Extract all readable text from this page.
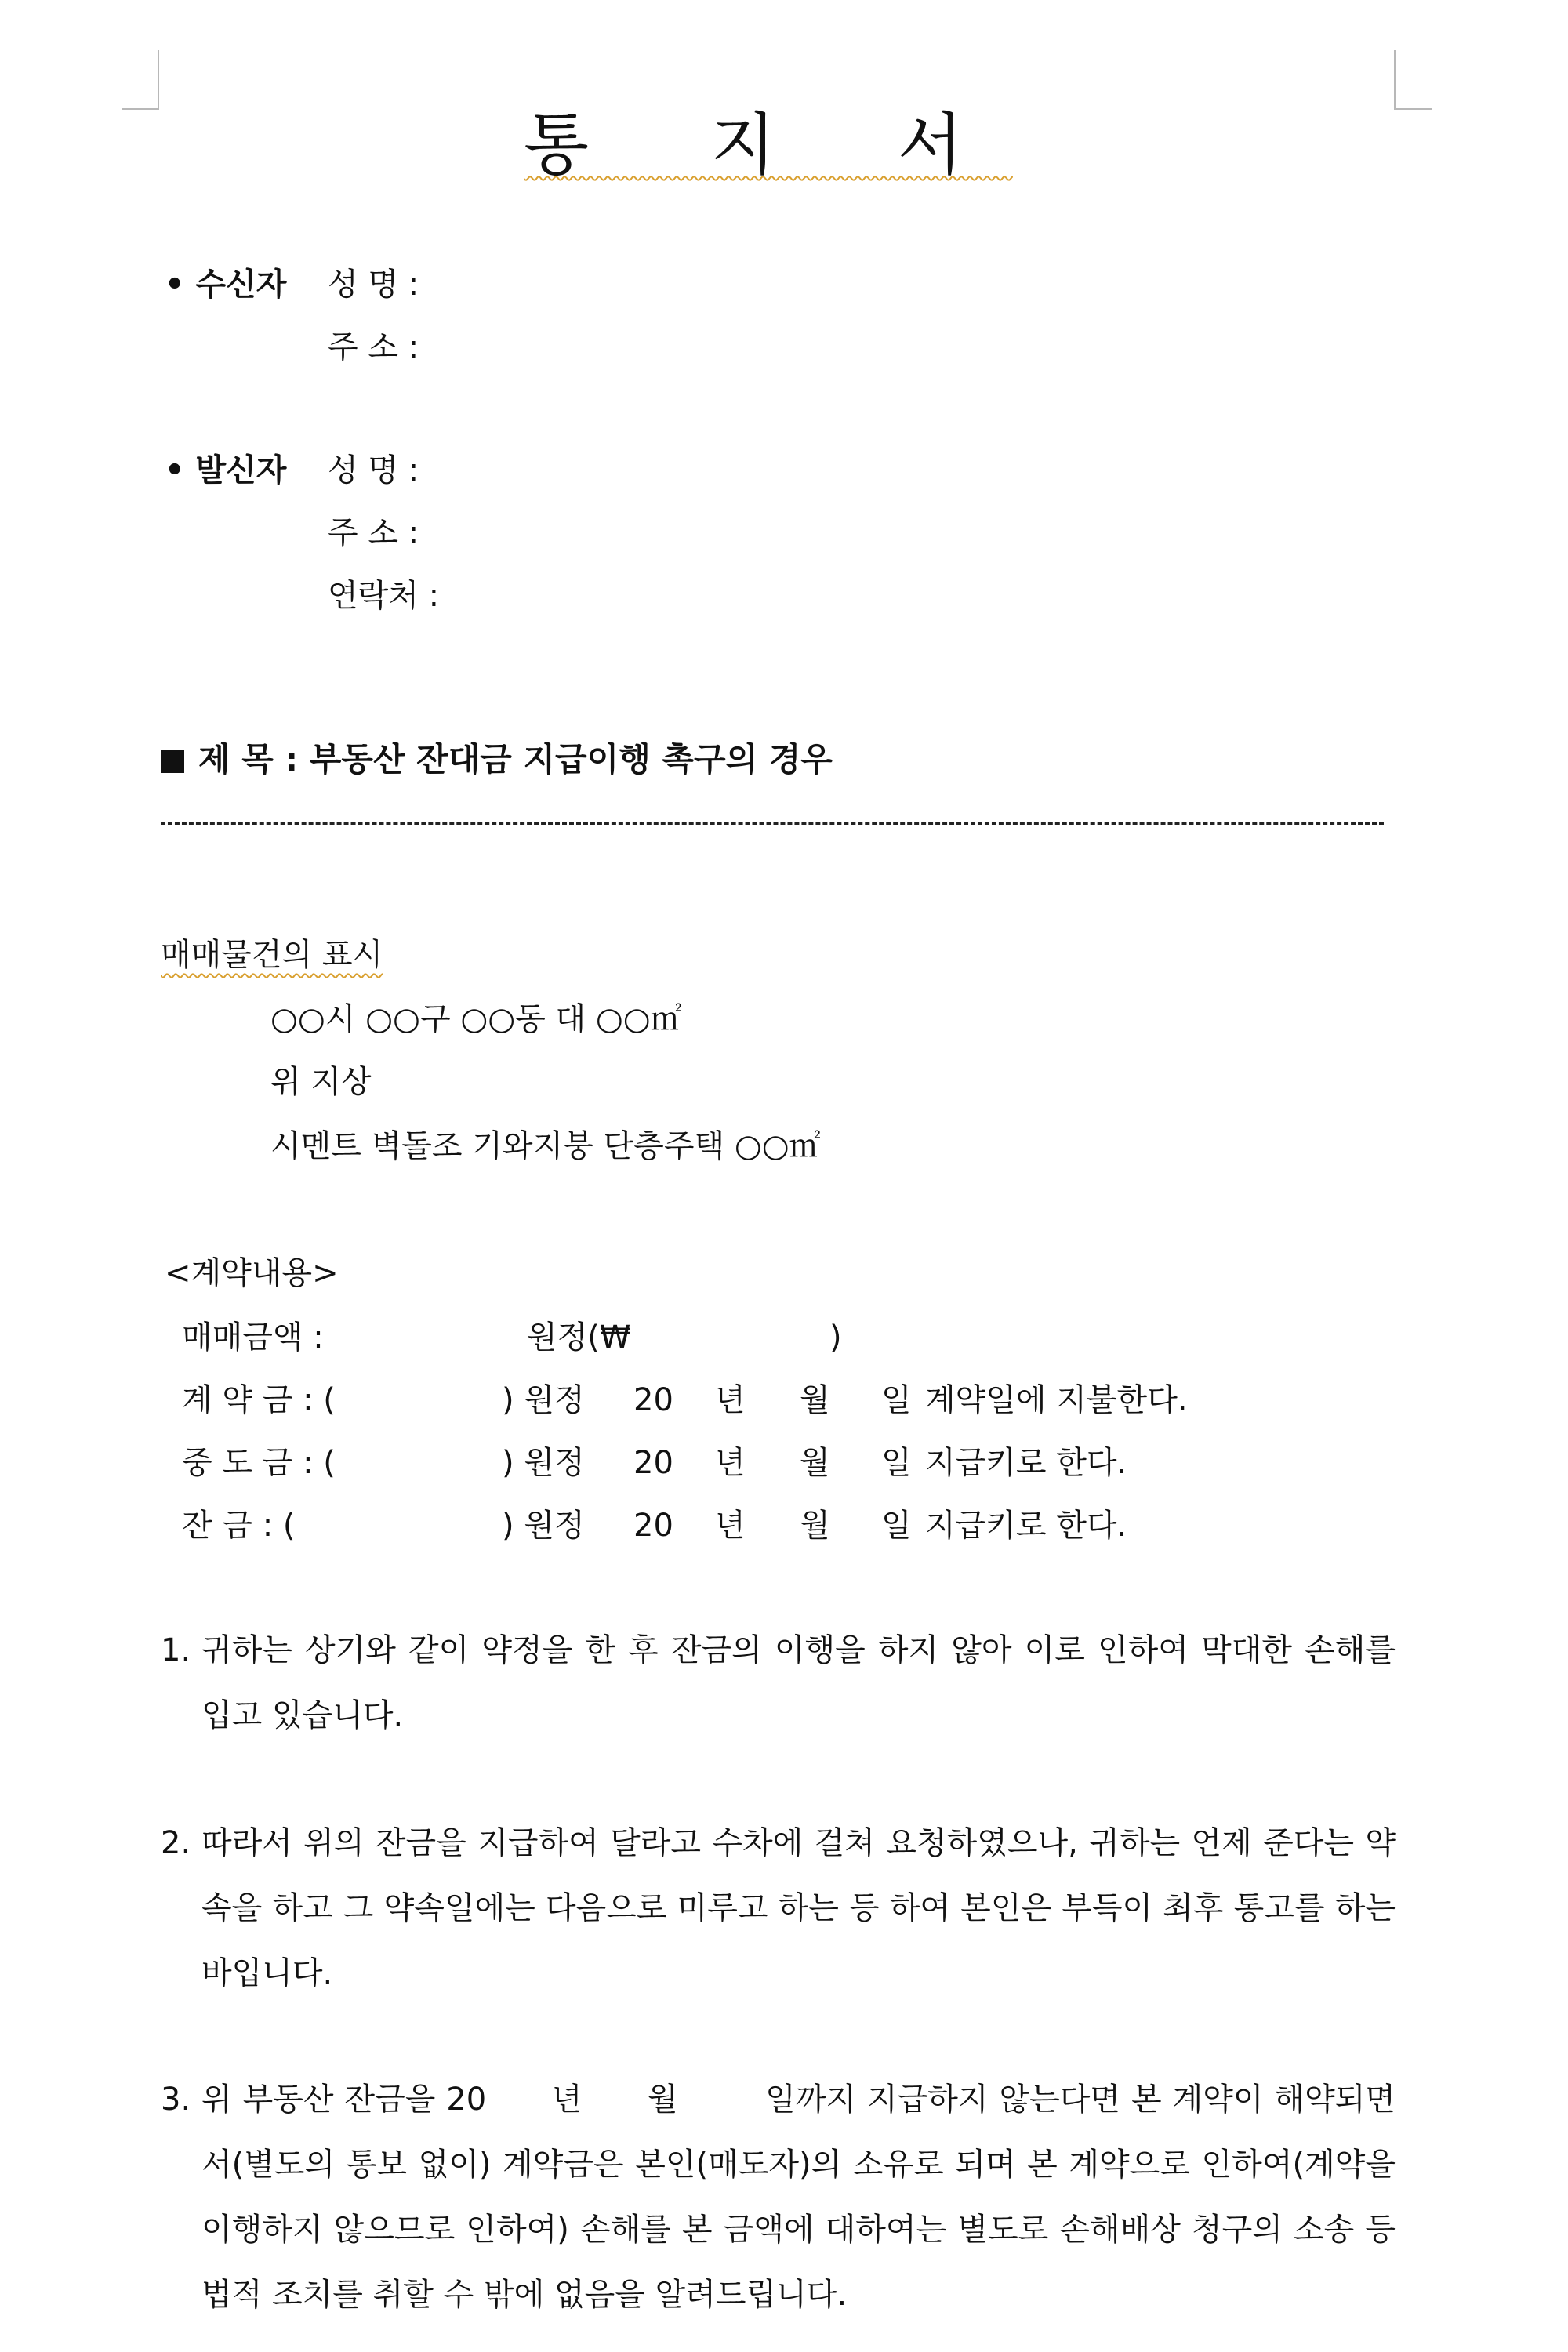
통 지 서
• 수신자 성 명 :
주 소 :
• 발신자 성 명 :
주 소 :
연락처 :
제 목 : 부동산 잔대금 지급이행 촉구의 경우
매매물건의 표시
○○시 ○○구 ○○동 대 ○○㎡
위 지상
시멘트 벽돌조 기와지붕 단층주택 ○○㎡
<계약내용>
매매금액 :	원정(₩	)
계 약 금 : (	) 원정 20 년 월 일 계약일에 지불한다.
중 도 금 : (	) 원정 20 년 월 일 지급키로 한다.
잔 금 : (	) 원정 20 년 월 일 지급키로 한다.
1. 귀하는 상기와 같이 약정을 한 후 잔금의 이행을 하지 않아 이로 인하여 막대한 손해를 입고 있습니다.
2. 따라서 위의 잔금을 지급하여 달라고 수차에 걸쳐 요청하였으나, 귀하는 언제 준다는 약속을 하고 그 약속일에는 다음으로 미루고 하는 등 하여 본인은 부득이 최후 통고를 하는 바입니다.
3. 위 부동산 잔금을 20      년      월        일까지 지급하지 않는다면 본 계약이 해약되면서(별도의 통보 없이) 계약금은 본인(매도자)의 소유로 되며 본 계약으로 인하여(계약을 이행하지 않으므로 인하여) 손해를 본 금액에 대하여는 별도로 손해배상 청구의 소송 등 법적 조치를 취할 수 밖에 없음을 알려드립니다.
